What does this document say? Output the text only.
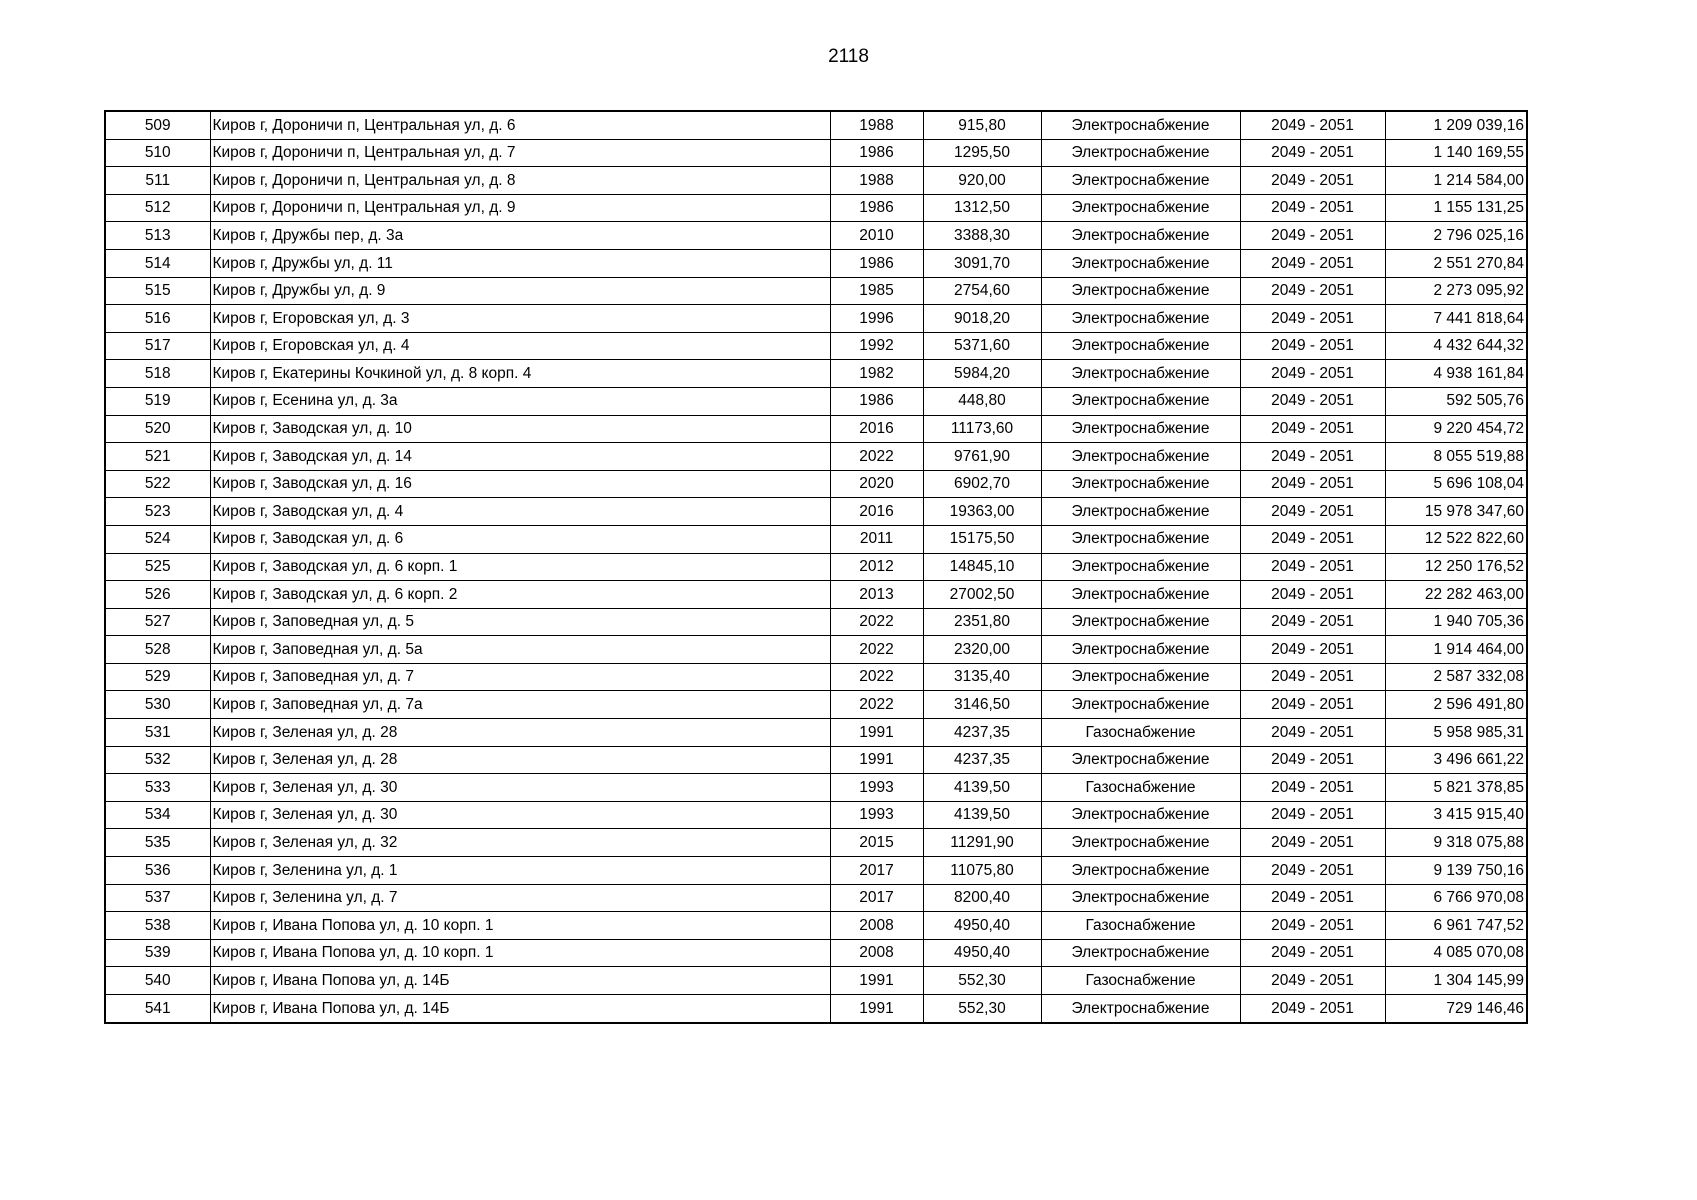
2118
509	Киров г, Дороничи п, Центральная ул, д. 6	1988	915,80	Электроснабжение	2049 - 2051	1 209 039,16
510	Киров г, Дороничи п, Центральная ул, д. 7	1986	1295,50	Электроснабжение	2049 - 2051	1 140 169,55
511	Киров г, Дороничи п, Центральная ул, д. 8	1988	920,00	Электроснабжение	2049 - 2051	1 214 584,00
512	Киров г, Дороничи п, Центральная ул, д. 9	1986	1312,50	Электроснабжение	2049 - 2051	1 155 131,25
513	Киров г, Дружбы пер, д. 3а	2010	3388,30	Электроснабжение	2049 - 2051	2 796 025,16
514	Киров г, Дружбы ул, д. 11	1986	3091,70	Электроснабжение	2049 - 2051	2 551 270,84
515	Киров г, Дружбы ул, д. 9	1985	2754,60	Электроснабжение	2049 - 2051	2 273 095,92
516	Киров г, Егоровская ул, д. 3	1996	9018,20	Электроснабжение	2049 - 2051	7 441 818,64
517	Киров г, Егоровская ул, д. 4	1992	5371,60	Электроснабжение	2049 - 2051	4 432 644,32
518	Киров г, Екатерины Кочкиной ул, д. 8 корп. 4	1982	5984,20	Электроснабжение	2049 - 2051	4 938 161,84
519	Киров г, Есенина ул, д. 3а	1986	448,80	Электроснабжение	2049 - 2051	592 505,76
520	Киров г, Заводская ул, д. 10	2016	11173,60	Электроснабжение	2049 - 2051	9 220 454,72
521	Киров г, Заводская ул, д. 14	2022	9761,90	Электроснабжение	2049 - 2051	8 055 519,88
522	Киров г, Заводская ул, д. 16	2020	6902,70	Электроснабжение	2049 - 2051	5 696 108,04
523	Киров г, Заводская ул, д. 4	2016	19363,00	Электроснабжение	2049 - 2051	15 978 347,60
524	Киров г, Заводская ул, д. 6	2011	15175,50	Электроснабжение	2049 - 2051	12 522 822,60
525	Киров г, Заводская ул, д. 6 корп. 1	2012	14845,10	Электроснабжение	2049 - 2051	12 250 176,52
526	Киров г, Заводская ул, д. 6 корп. 2	2013	27002,50	Электроснабжение	2049 - 2051	22 282 463,00
527	Киров г, Заповедная ул, д. 5	2022	2351,80	Электроснабжение	2049 - 2051	1 940 705,36
528	Киров г, Заповедная ул, д. 5а	2022	2320,00	Электроснабжение	2049 - 2051	1 914 464,00
529	Киров г, Заповедная ул, д. 7	2022	3135,40	Электроснабжение	2049 - 2051	2 587 332,08
530	Киров г, Заповедная ул, д. 7а	2022	3146,50	Электроснабжение	2049 - 2051	2 596 491,80
531	Киров г, Зеленая ул, д. 28	1991	4237,35	Газоснабжение	2049 - 2051	5 958 985,31
532	Киров г, Зеленая ул, д. 28	1991	4237,35	Электроснабжение	2049 - 2051	3 496 661,22
533	Киров г, Зеленая ул, д. 30	1993	4139,50	Газоснабжение	2049 - 2051	5 821 378,85
534	Киров г, Зеленая ул, д. 30	1993	4139,50	Электроснабжение	2049 - 2051	3 415 915,40
535	Киров г, Зеленая ул, д. 32	2015	11291,90	Электроснабжение	2049 - 2051	9 318 075,88
536	Киров г, Зеленина ул, д. 1	2017	11075,80	Электроснабжение	2049 - 2051	9 139 750,16
537	Киров г, Зеленина ул, д. 7	2017	8200,40	Электроснабжение	2049 - 2051	6 766 970,08
538	Киров г, Ивана Попова ул, д. 10 корп. 1	2008	4950,40	Газоснабжение	2049 - 2051	6 961 747,52
539	Киров г, Ивана Попова ул, д. 10 корп. 1	2008	4950,40	Электроснабжение	2049 - 2051	4 085 070,08
540	Киров г, Ивана Попова ул, д. 14Б	1991	552,30	Газоснабжение	2049 - 2051	1 304 145,99
541	Киров г, Ивана Попова ул, д. 14Б	1991	552,30	Электроснабжение	2049 - 2051	729 146,46
